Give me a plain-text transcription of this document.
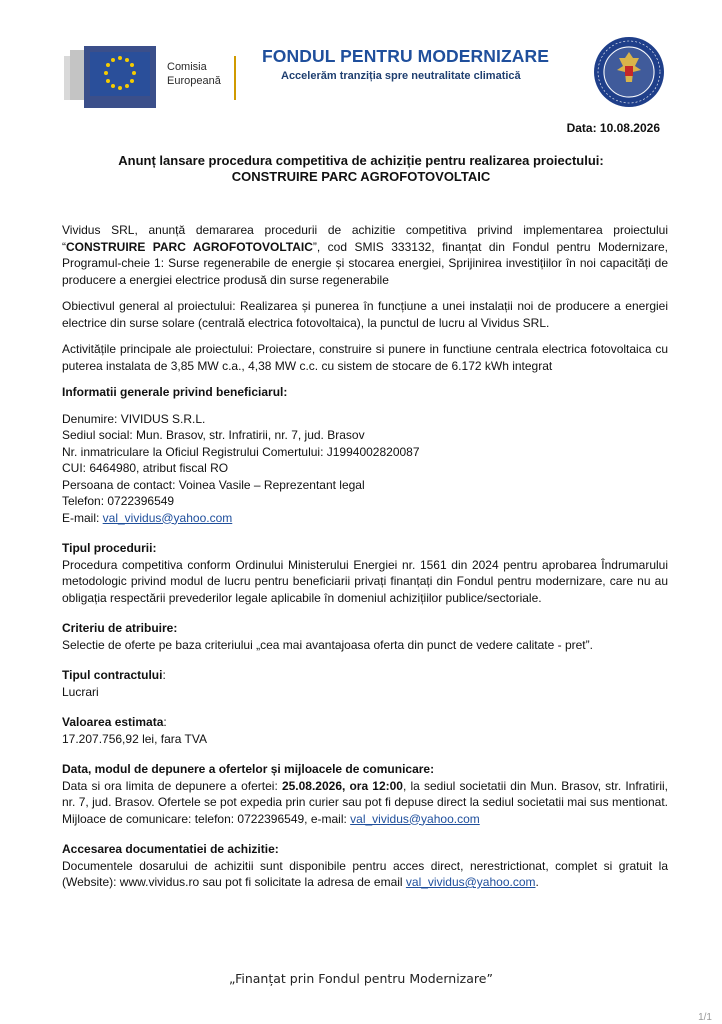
Comisia
Europeană
FONDUL PENTRU MODERNIZARE
Accelerăm tranziția spre neutralitate climatică
Data: 10.08.2026
Anunț lansare procedura competitiva de achiziție pentru realizarea proiectului:
CONSTRUIRE PARC AGROFOTOVOLTAIC

Vividus SRL, anunță demararea procedurii de achizitie competitiva privind implementarea proiectului “CONSTRUIRE PARC AGROFOTOVOLTAIC”, cod SMIS 333132, finanțat din Fondul pentru Modernizare, Programul-cheie 1: Surse regenerabile de energie și stocarea energiei, Sprijinirea investițiilor în noi capacități de producere a energiei electrice produsă din surse regenerabile

Obiectivul general al proiectului: Realizarea și punerea în funcțiune a unei instalații noi de producere a energiei electrice din surse solare (centrală electrica fotovoltaica), la punctul de lucru al Vividus SRL.

Activitățile principale ale proiectului: Proiectare, construire si punere in functiune centrala electrica fotovoltaica cu puterea instalata de 3,85 MW c.a., 4,38 MW c.c. cu sistem de stocare de 6.172 kWh integrat

Informatii generale privind beneficiarul:

Denumire: VIVIDUS S.R.L.

Sediul social: Mun. Brasov, str. Infratirii, nr. 7, jud. Brasov

Nr. inmatriculare la Oficiul Registrului Comertului: J1994002820087

CUI: 6464980, atribut fiscal RO

Persoana de contact: Voinea Vasile – Reprezentant legal

Telefon: 0722396549

E-mail: val_vividus@yahoo.com

Tipul procedurii:

Procedura competitiva conform Ordinului Ministerului Energiei nr. 1561 din 2024 pentru aprobarea Îndrumarului metodologic privind modul de lucru pentru beneficiarii privați finanțați din Fondul pentru modernizare, care nu au obligația respectării prevederilor legale aplicabile în domeniul achizițiilor publice/sectoriale.

Criteriu de atribuire:

Selectie de oferte pe baza criteriului „cea mai avantajoasa oferta din punct de vedere calitate - pret”.

Tipul contractului:

Lucrari

Valoarea estimata:

17.207.756,92 lei, fara TVA

Data, modul de depunere a ofertelor și mijloacele de comunicare:

Data si ora limita de depunere a ofertei: 25.08.2026, ora 12:00, la sediul societatii din Mun. Brasov, str. Infratirii, nr. 7, jud. Brasov. Ofertele se pot expedia prin curier sau pot fi depuse direct la sediul societatii mai sus mentionat. Mijloace de comunicare: telefon: 0722396549, e-mail: val_vividus@yahoo.com

Accesarea documentatiei de achizitie:

Documentele dosarului de achizitii sunt disponibile pentru acces direct, nerestrictionat, complet si gratuit la (Website): www.vividus.ro sau pot fi solicitate la adresa de email val_vividus@yahoo.com.

„Finanțat prin Fondul pentru Modernizare”
1/1
